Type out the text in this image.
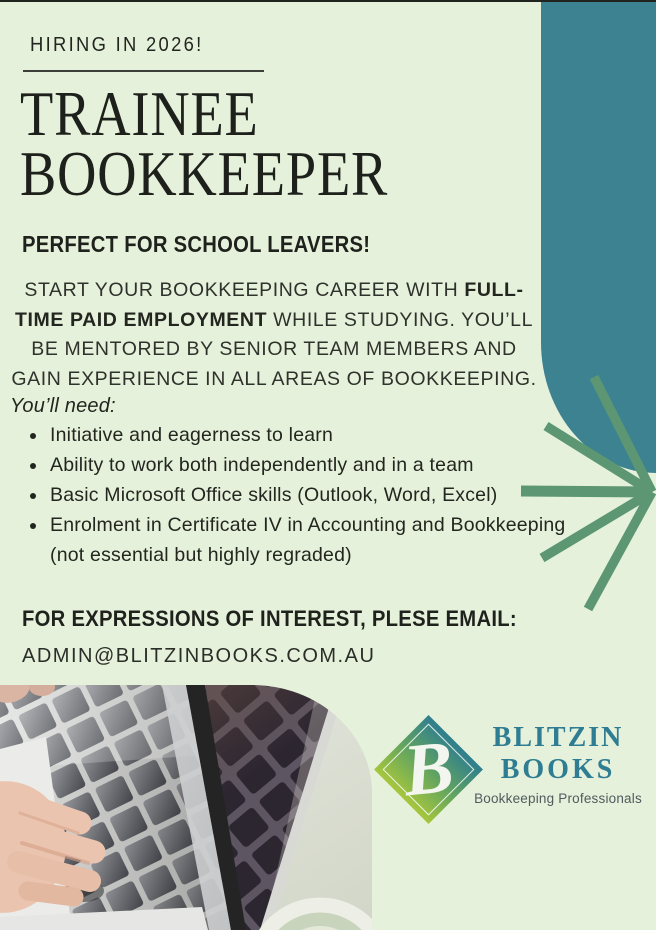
HIRING IN 2026!
TRAINEE
BOOKKEEPER
PERFECT FOR SCHOOL LEAVERS!

START YOUR BOOKKEEPING CAREER WITH FULL-TIME PAID EMPLOYMENT WHILE STUDYING. YOU’LL BE MENTORED BY SENIOR TEAM MEMBERS AND GAIN EXPERIENCE IN ALL AREAS OF BOOKKEEPING.

You’ll need:
• Initiative and eagerness to learn
• Ability to work both independently and in a team
• Basic Microsoft Office skills (Outlook, Word, Excel)
• Enrolment in Certificate IV in Accounting and Bookkeeping (not essential but highly regraded)
FOR EXPRESSIONS OF INTEREST, PLESE EMAIL:
ADMIN@BLITZINBOOKS.COM.AU
B	BLITZIN
BOOKS
Bookkeeping Professionals
